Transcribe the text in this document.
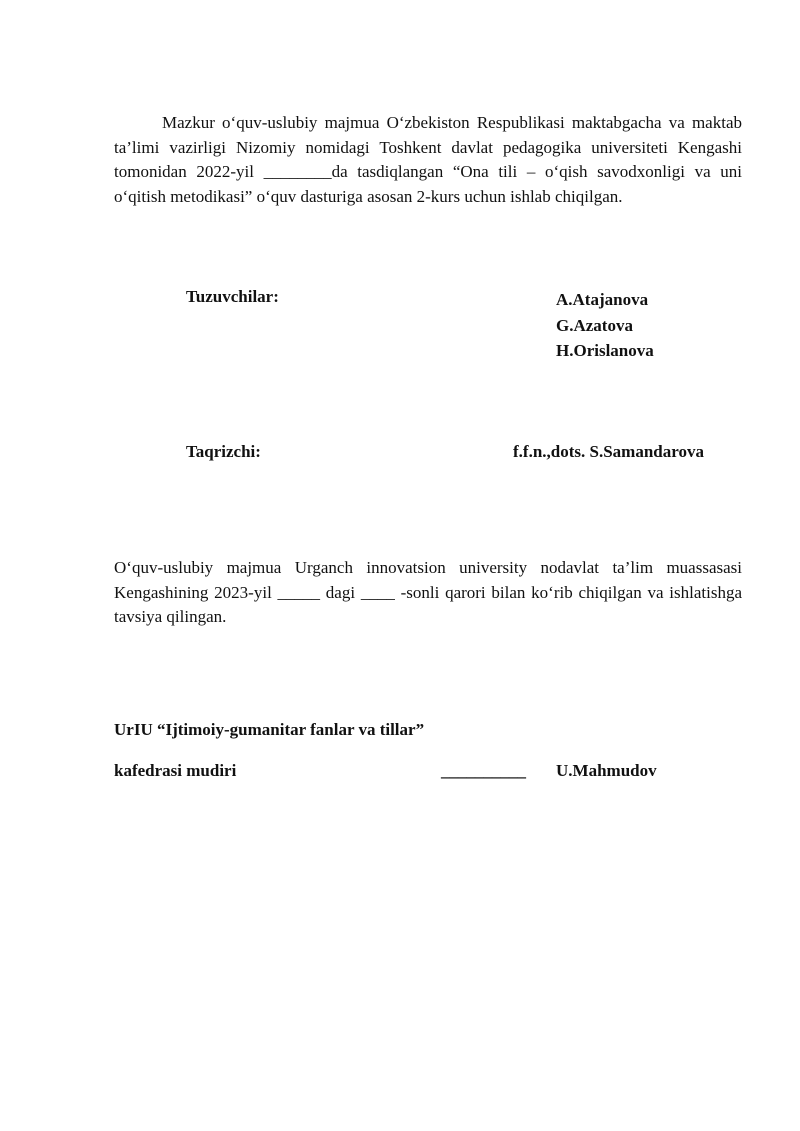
Mazkur o‘quv-uslubiy majmua O‘zbekiston Respublikasi maktabgacha va maktab ta’limi vazirligi Nizomiy nomidagi Toshkent davlat pedagogika universiteti Kengashi tomonidan 2022-yil ________da tasdiqlangan “Ona tili – o‘qish savodxonligi va uni o‘qitish metodikasi” o‘quv dasturiga asosan 2-kurs uchun ishlab chiqilgan.

Tuzuvchilar:	A.Atajanova
G.Azatova
H.Orislanova
Taqrizchi:	f.f.n.,dots. S.Samandarova

O‘quv-uslubiy majmua Urganch innovatsion university nodavlat ta’lim muassasasi Kengashining 2023-yil _____ dagi ____ -sonli qarori bilan ko‘rib chiqilgan va ishlatishga tavsiya qilingan.

UrIU “Ijtimoiy-gumanitar fanlar va tillar”
kafedrasi mudiri	__________ U.Mahmudov
